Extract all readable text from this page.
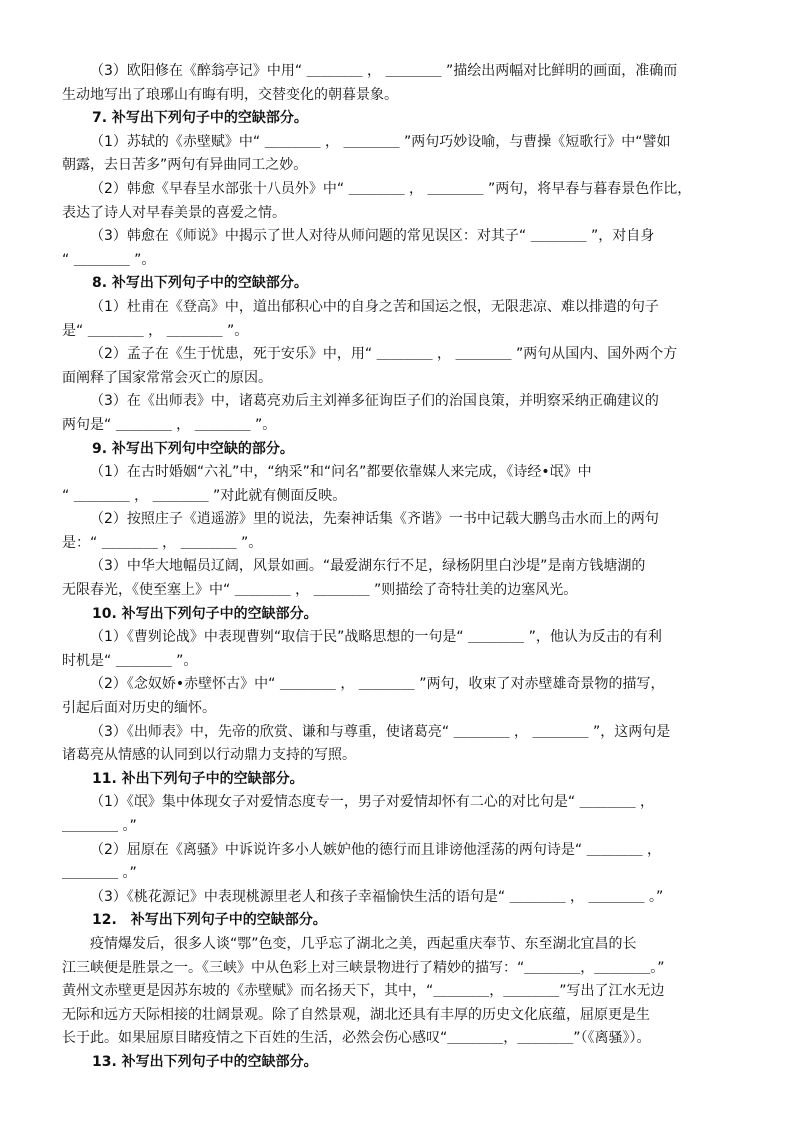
（3）欧阳修在《醉翁亭记》中用“ ＿＿＿＿ ， ＿＿＿＿ ”描绘出两幅对比鲜明的画面，准确而
生动地写出了琅琊山有晦有明，交替变化的朝暮景象。
7. 补写出下列句子中的空缺部分。
（1）苏轼的《赤壁赋》中“ ＿＿＿＿ ， ＿＿＿＿ ”两句巧妙设喻，与曹操《短歌行》中“譬如
朝露，去日苦多”两句有异曲同工之妙。
（2）韩愈《早春呈水部张十八员外》中“ ＿＿＿＿ ， ＿＿＿＿ ”两句，将早春与暮春景色作比，
表达了诗人对早春美景的喜爱之情。
（3）韩愈在《师说》中揭示了世人对待从师问题的常见误区：对其子“ ＿＿＿＿ ”，对自身
“ ＿＿＿＿ ”。
8. 补写出下列句子中的空缺部分。
（1）杜甫在《登高》中，道出郁积心中的自身之苦和国运之恨，无限悲凉、难以排遣的句子
是“ ＿＿＿＿ ， ＿＿＿＿ ”。
（2）孟子在《生于忧患，死于安乐》中，用“ ＿＿＿＿ ， ＿＿＿＿ ”两句从国内、国外两个方
面阐释了国家常常会灭亡的原因。
（3）在《出师表》中，诸葛亮劝后主刘禅多征询臣子们的治国良策，并明察采纳正确建议的
两句是“ ＿＿＿＿ ， ＿＿＿＿ ”。
9. 补写出下列句中空缺的部分。
（1）在古时婚姻“六礼”中，“纳采”和“问名”都要依靠媒人来完成，《诗经•氓》中
“ ＿＿＿＿ ， ＿＿＿＿ ”对此就有侧面反映。
（2）按照庄子《逍遥游》里的说法，先秦神话集《齐谐》一书中记载大鹏鸟击水而上的两句
是：“ ＿＿＿＿ ， ＿＿＿＿ ”。
（3）中华大地幅员辽阔，风景如画。“最爱湖东行不足，绿杨阴里白沙堤”是南方钱塘湖的
无限春光，《使至塞上》中“ ＿＿＿＿ ， ＿＿＿＿ ”则描绘了奇特壮美的边塞风光。
10. 补写出下列句子中的空缺部分。
（1）《曹刿论战》中表现曹刿“取信于民”战略思想的一句是“ ＿＿＿＿ ”，他认为反击的有利
时机是“ ＿＿＿＿ ”。
（2）《念奴娇•赤壁怀古》中“ ＿＿＿＿ ， ＿＿＿＿ ”两句，收束了对赤壁雄奇景物的描写，
引起后面对历史的缅怀。
（3）《出师表》中，先帝的欣赏、谦和与尊重，使诸葛亮“ ＿＿＿＿ ， ＿＿＿＿ ”，这两句是
诸葛亮从情感的认同到以行动鼎力支持的写照。
11. 补出下列句子中的空缺部分。
（1）《氓》集中体现女子对爱情态度专一，男子对爱情却怀有二心的对比句是“ ＿＿＿＿ ，
＿＿＿＿ 。”
（2）屈原在《离骚》中诉说许多小人嫉妒他的德行而且诽谤他淫荡的两句诗是“ ＿＿＿＿ ，
＿＿＿＿ 。”
（3）《桃花源记》中表现桃源里老人和孩子幸福愉快生活的语句是“ ＿＿＿＿ ， ＿＿＿＿ 。”
12.　补写出下列句子中的空缺部分。
疫情爆发后，很多人谈“鄂”色变，几乎忘了湖北之美，西起重庆奉节、东至湖北宜昌的长
江三峡便是胜景之一。《三峡》中从色彩上对三峡景物进行了精妙的描写：“＿＿＿＿，＿＿＿＿。”
黄州文赤壁更是因苏东坡的《赤壁赋》而名扬天下，其中，“＿＿＿＿，＿＿＿＿”写出了江水无边
无际和远方天际相接的壮阔景观。除了自然景观，湖北还具有丰厚的历史文化底蕴，屈原更是生
长于此。如果屈原目睹疫情之下百姓的生活，必然会伤心感叹“＿＿＿＿，＿＿＿＿”（《离骚》）。
13. 补写出下列句子中的空缺部分。
